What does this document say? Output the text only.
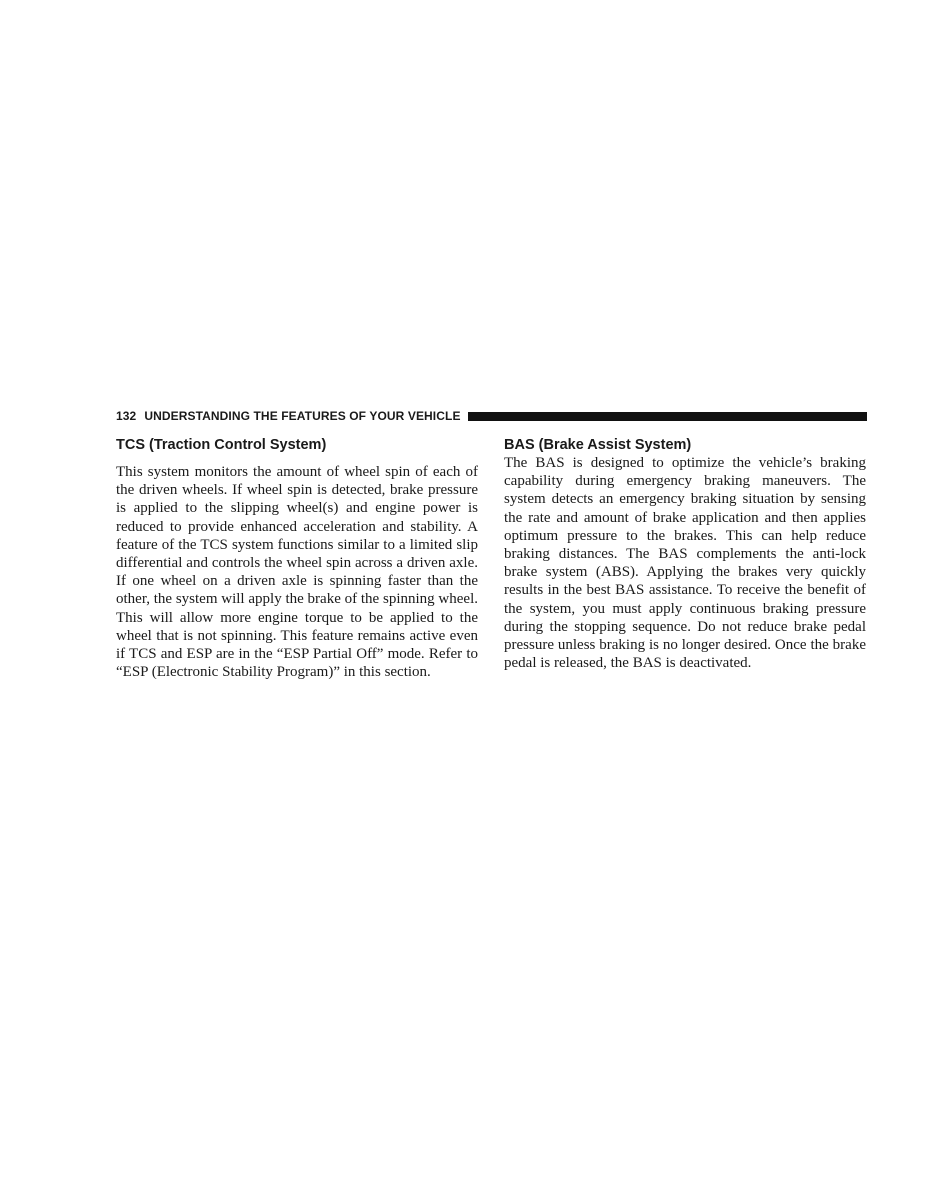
132 UNDERSTANDING THE FEATURES OF YOUR VEHICLE
TCS (Traction Control System)

This system monitors the amount of wheel spin of each of the driven wheels. If wheel spin is detected, brake pressure is applied to the slipping wheel(s) and engine power is reduced to provide enhanced acceleration and stability. A feature of the TCS system functions similar to a limited slip differential and controls the wheel spin across a driven axle. If one wheel on a driven axle is spinning faster than the other, the system will apply the brake of the spinning wheel. This will allow more engine torque to be applied to the wheel that is not spinning. This feature remains active even if TCS and ESP are in the “ESP Partial Off” mode. Refer to “ESP (Electronic Stability Program)” in this section.

BAS (Brake Assist System)

The BAS is designed to optimize the vehicle’s braking capability during emergency braking maneuvers. The system detects an emergency braking situation by sensing the rate and amount of brake application and then applies optimum pressure to the brakes. This can help reduce braking distances. The BAS complements the anti-lock brake system (ABS). Applying the brakes very quickly results in the best BAS assistance. To receive the benefit of the system, you must apply continuous braking pressure during the stopping sequence. Do not reduce brake pedal pressure unless braking is no longer desired. Once the brake pedal is released, the BAS is deactivated.
